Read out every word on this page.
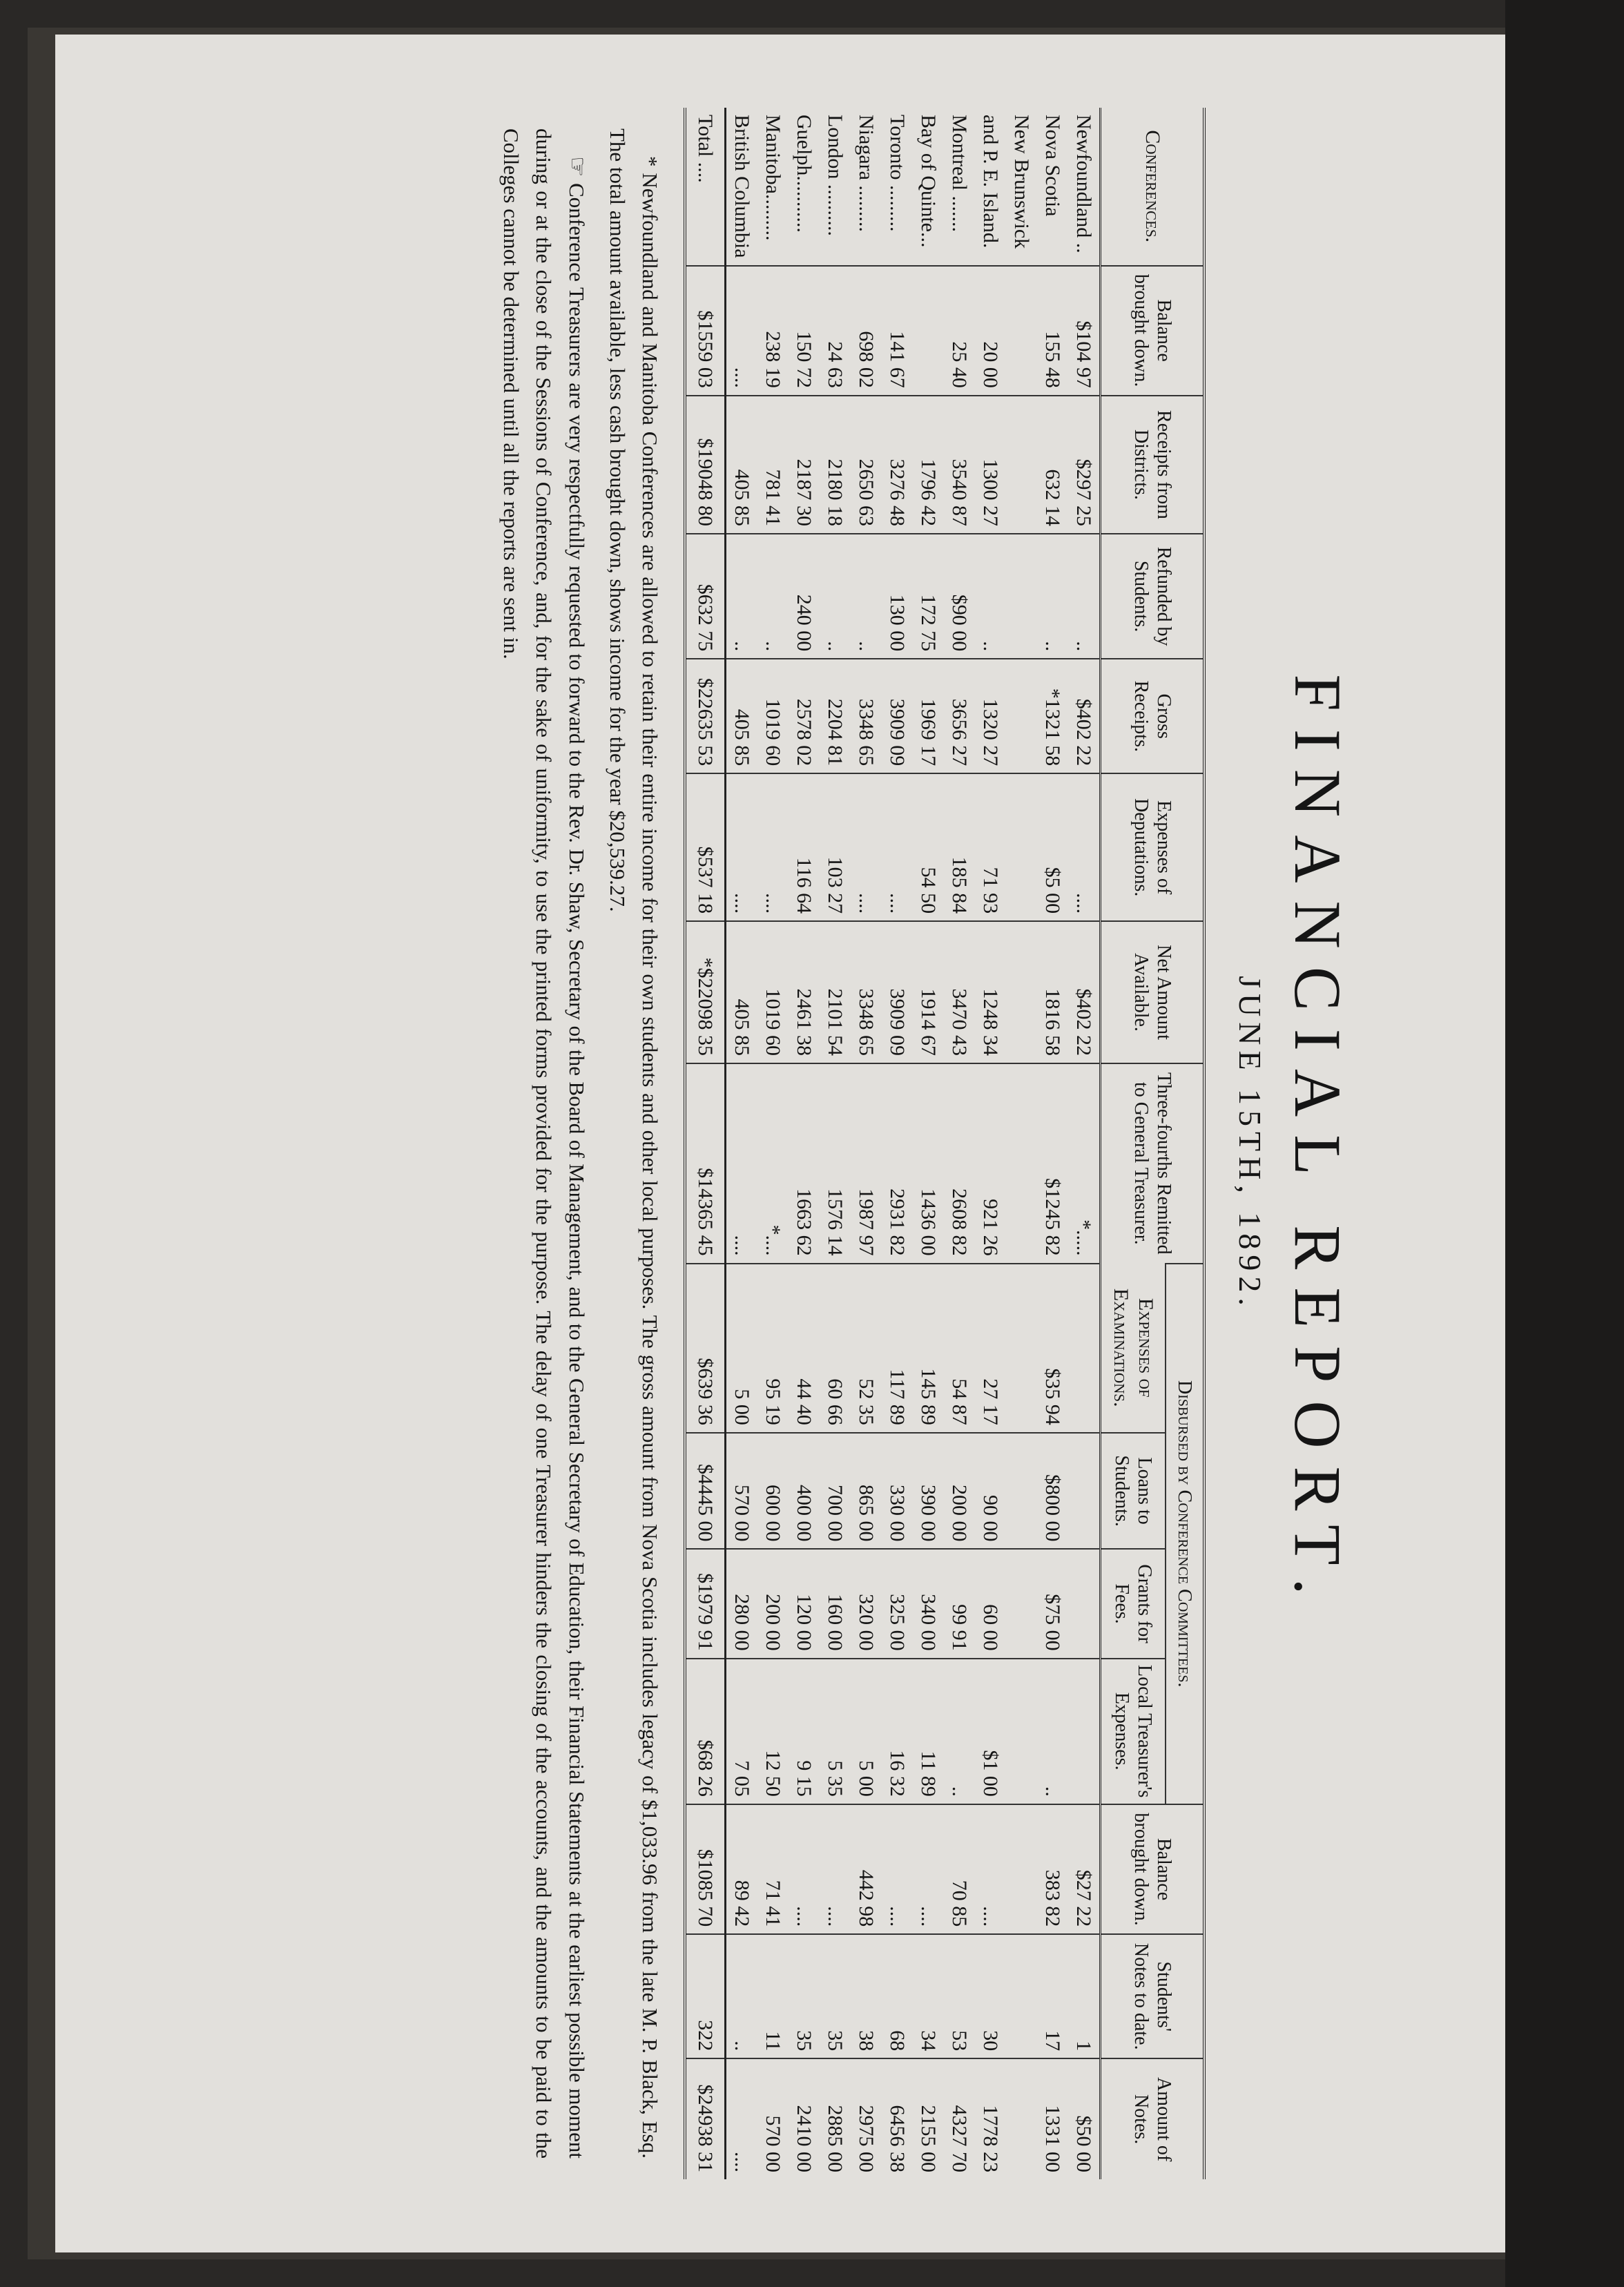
FINANCIAL REPORT.
JUNE 15TH, 1892.
Conferences.	Balance brought down.	Receipts from Districts.	Refunded by Students.	Gross Receipts.	Expenses of Deputations.	Net Amount Available.	Three-fourths Remitted to General Treasurer.	Disbursed by Conference Committees.				Balance brought down.	Students' Notes to date.	Amount of Notes.
								Expenses of Examinations.	Loans to Students.	Grants for Fees.	Local Treasurer's Expenses.			
Newfoundland ..	$104 97	$297 25	..	$402 22	....	$402 22	*.....					$27 22	1	$50 00
Nova Scotia	155 48	632 14	..	*1321 58	$5 00	1816 58	$1245 82	$35 94	$800 00	$75 00	..	383 82	17	1331 00
New Brunswick														
and P. E. Island.	20 00	1300 27	..	1320 27	71 93	1248 34	921 26	27 17	90 00	60 00	$1 00	....	30	1778 23
Montreal .......	25 40	3540 87	$90 00	3656 27	185 84	3470 43	2608 82	54 87	200 00	99 91	..	70 85	53	4327 70
Bay of Quinte...		1796 42	172 75	1969 17	54 50	1914 67	1436 00	145 89	390 00	340 00	11 89	....	34	2155 00
Toronto .........	141 67	3276 48	130 00	3909 09	....	3909 09	2931 82	117 89	330 00	325 00	16 32	....	68	6456 38
Niagara .........	698 02	2650 63	..	3348 65	....	3348 65	1987 97	52 35	865 00	320 00	5 00	442 98	38	2975 00
London ..........	24 63	2180 18	..	2204 81	103 27	2101 54	1576 14	60 66	700 00	160 00	5 35	....	35	2885 00
Guelph...........	150 72	2187 30	240 00	2578 02	116 64	2461 38	1663 62	44 40	400 00	120 00	9 15	....	35	2410 00
Manitoba.........	238 19	781 41	..	1019 60	....	1019 60	*....	95 19	600 00	200 00	12 50	71 41	11	570 00
British Columbia	....	405 85	..	405 85	....	405 85	....	5 00	570 00	280 00	7 05	89 42	..	....
Total ....	$1559 03	$19048 80	$632 75	$22635 53	$537 18	*$22098 35	$14365 45	$639 36	$4445 00	$1979 91	$68 26	$1085 70	322	$24938 31

* Newfoundland and Manitoba Conferences are allowed to retain their entire income for their own students and other local purposes. The gross amount from Nova Scotia includes legacy of $1,033.96 from the late M. P. Black, Esq. The total amount available, less cash brought down, shows income for the year $20,539.27.

☞ Conference Treasurers are very respectfully requested to forward to the Rev. Dr. Shaw, Secretary of the Board of Management, and to the General Secretary of Education, their Financial Statements at the earliest possible moment during or at the close of the Sessions of Conference, and, for the sake of uniformity, to use the printed forms provided for the purpose. The delay of one Treasurer hinders the closing of the accounts, and the amounts to be paid to the Colleges cannot be determined until all the reports are sent in.
